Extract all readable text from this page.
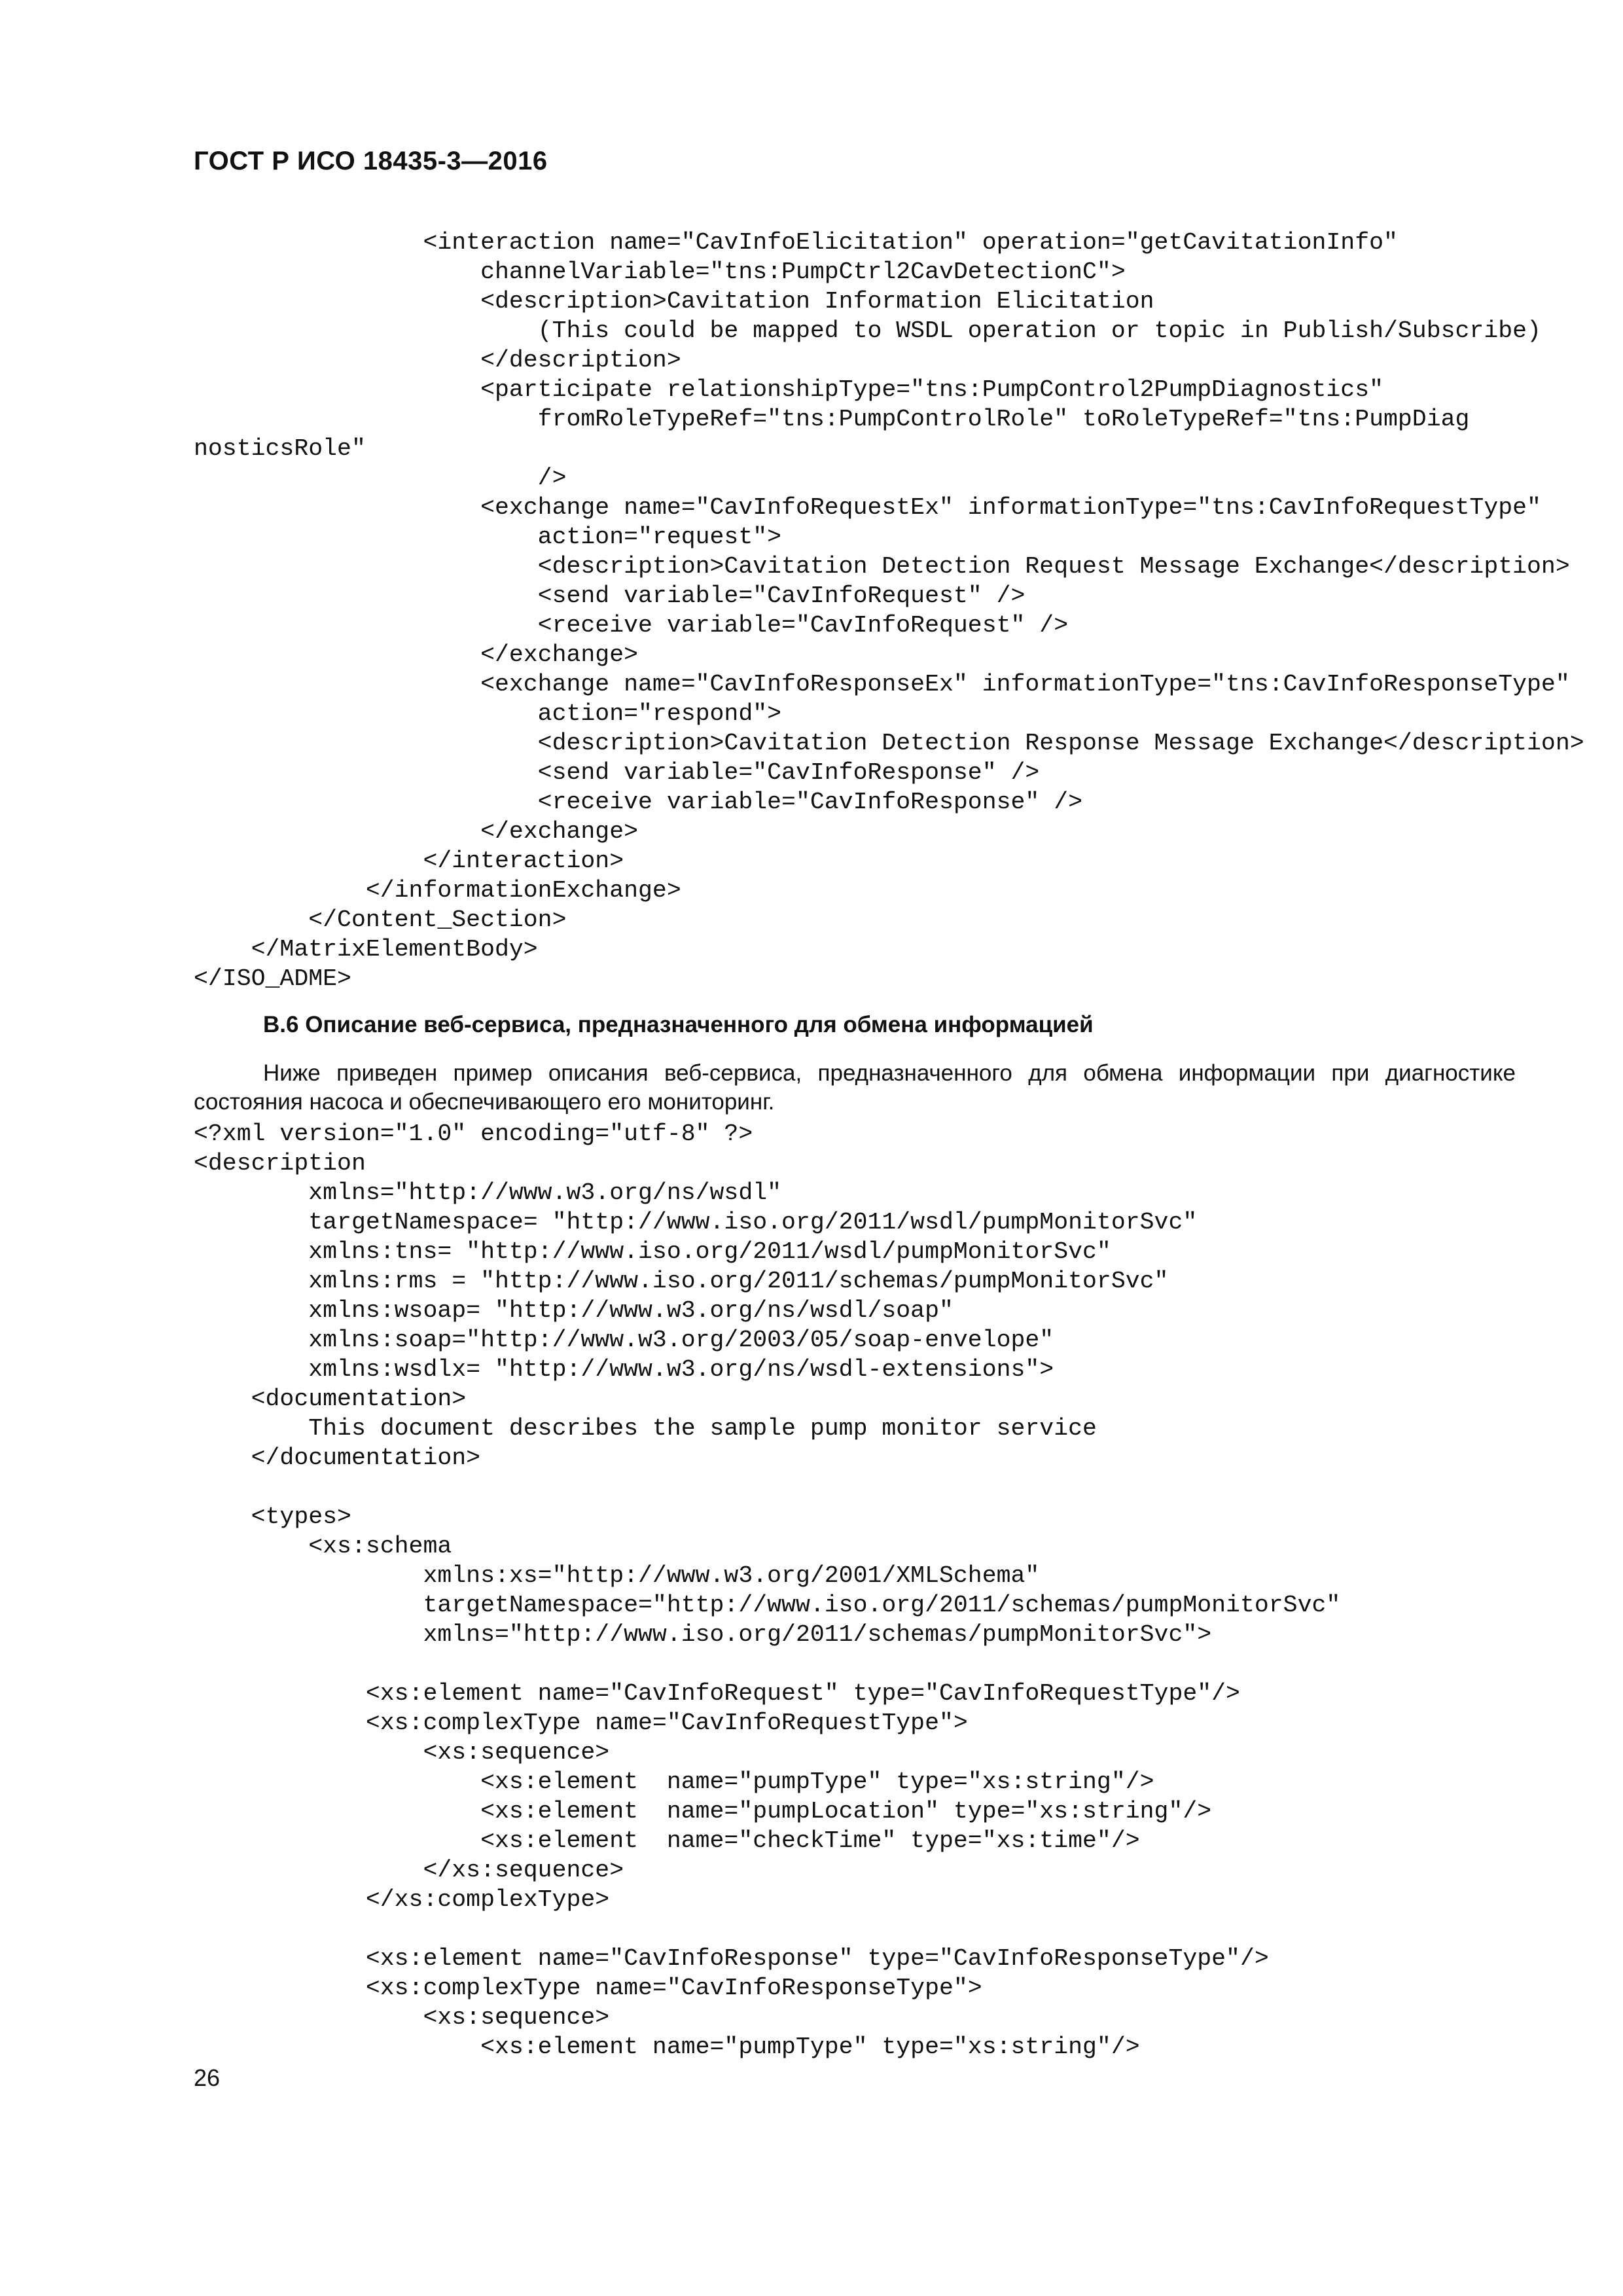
ГОСТ Р ИСО 18435-3—2016
<interaction name="CavInfoElicitation" operation="getCavitationInfo"
channelVariable="tns:PumpCtrl2CavDetectionC">
<description>Cavitation Information Elicitation
(This could be mapped to WSDL operation or topic in Publish/Subscribe)
</description>
<participate relationshipType="tns:PumpControl2PumpDiagnostics"
fromRoleTypeRef="tns:PumpControlRole" toRoleTypeRef="tns:PumpDiag
nosticsRole"
/>
<exchange name="CavInfoRequestEx" informationType="tns:CavInfoRequestType"
action="request">
<description>Cavitation Detection Request Message Exchange</description>
<send variable="CavInfoRequest" />
<receive variable="CavInfoRequest" />
</exchange>
<exchange name="CavInfoResponseEx" informationType="tns:CavInfoResponseType"
action="respond">
<description>Cavitation Detection Response Message Exchange</description>
<send variable="CavInfoResponse" />
<receive variable="CavInfoResponse" />
</exchange>
</interaction>
</informationExchange>
</Content_Section>
</MatrixElementBody>
</ISO_ADME>
В.6 Описание веб-сервиса, предназначенного для обмена информацией

Ниже приведен пример описания веб-сервиса, предназначенного для обмена информации при диагностике состояния насоса и обеспечивающего его мониторинг.

<?xml version="1.0" encoding="utf-8" ?>
<description
xmlns="http://www.w3.org/ns/wsdl"
targetNamespace= "http://www.iso.org/2011/wsdl/pumpMonitorSvc"
xmlns:tns= "http://www.iso.org/2011/wsdl/pumpMonitorSvc"
xmlns:rms = "http://www.iso.org/2011/schemas/pumpMonitorSvc"
xmlns:wsoap= "http://www.w3.org/ns/wsdl/soap"
xmlns:soap="http://www.w3.org/2003/05/soap-envelope"
xmlns:wsdlx= "http://www.w3.org/ns/wsdl-extensions">
<documentation>
This document describes the sample pump monitor service
</documentation>
<types>
<xs:schema
xmlns:xs="http://www.w3.org/2001/XMLSchema"
targetNamespace="http://www.iso.org/2011/schemas/pumpMonitorSvc"
xmlns="http://www.iso.org/2011/schemas/pumpMonitorSvc">
<xs:element name="CavInfoRequest" type="CavInfoRequestType"/>
<xs:complexType name="CavInfoRequestType">
<xs:sequence>
<xs:element  name="pumpType" type="xs:string"/>
<xs:element  name="pumpLocation" type="xs:string"/>
<xs:element  name="checkTime" type="xs:time"/>
</xs:sequence>
</xs:complexType>
<xs:element name="CavInfoResponse" type="CavInfoResponseType"/>
<xs:complexType name="CavInfoResponseType">
<xs:sequence>
<xs:element name="pumpType" type="xs:string"/>
26
